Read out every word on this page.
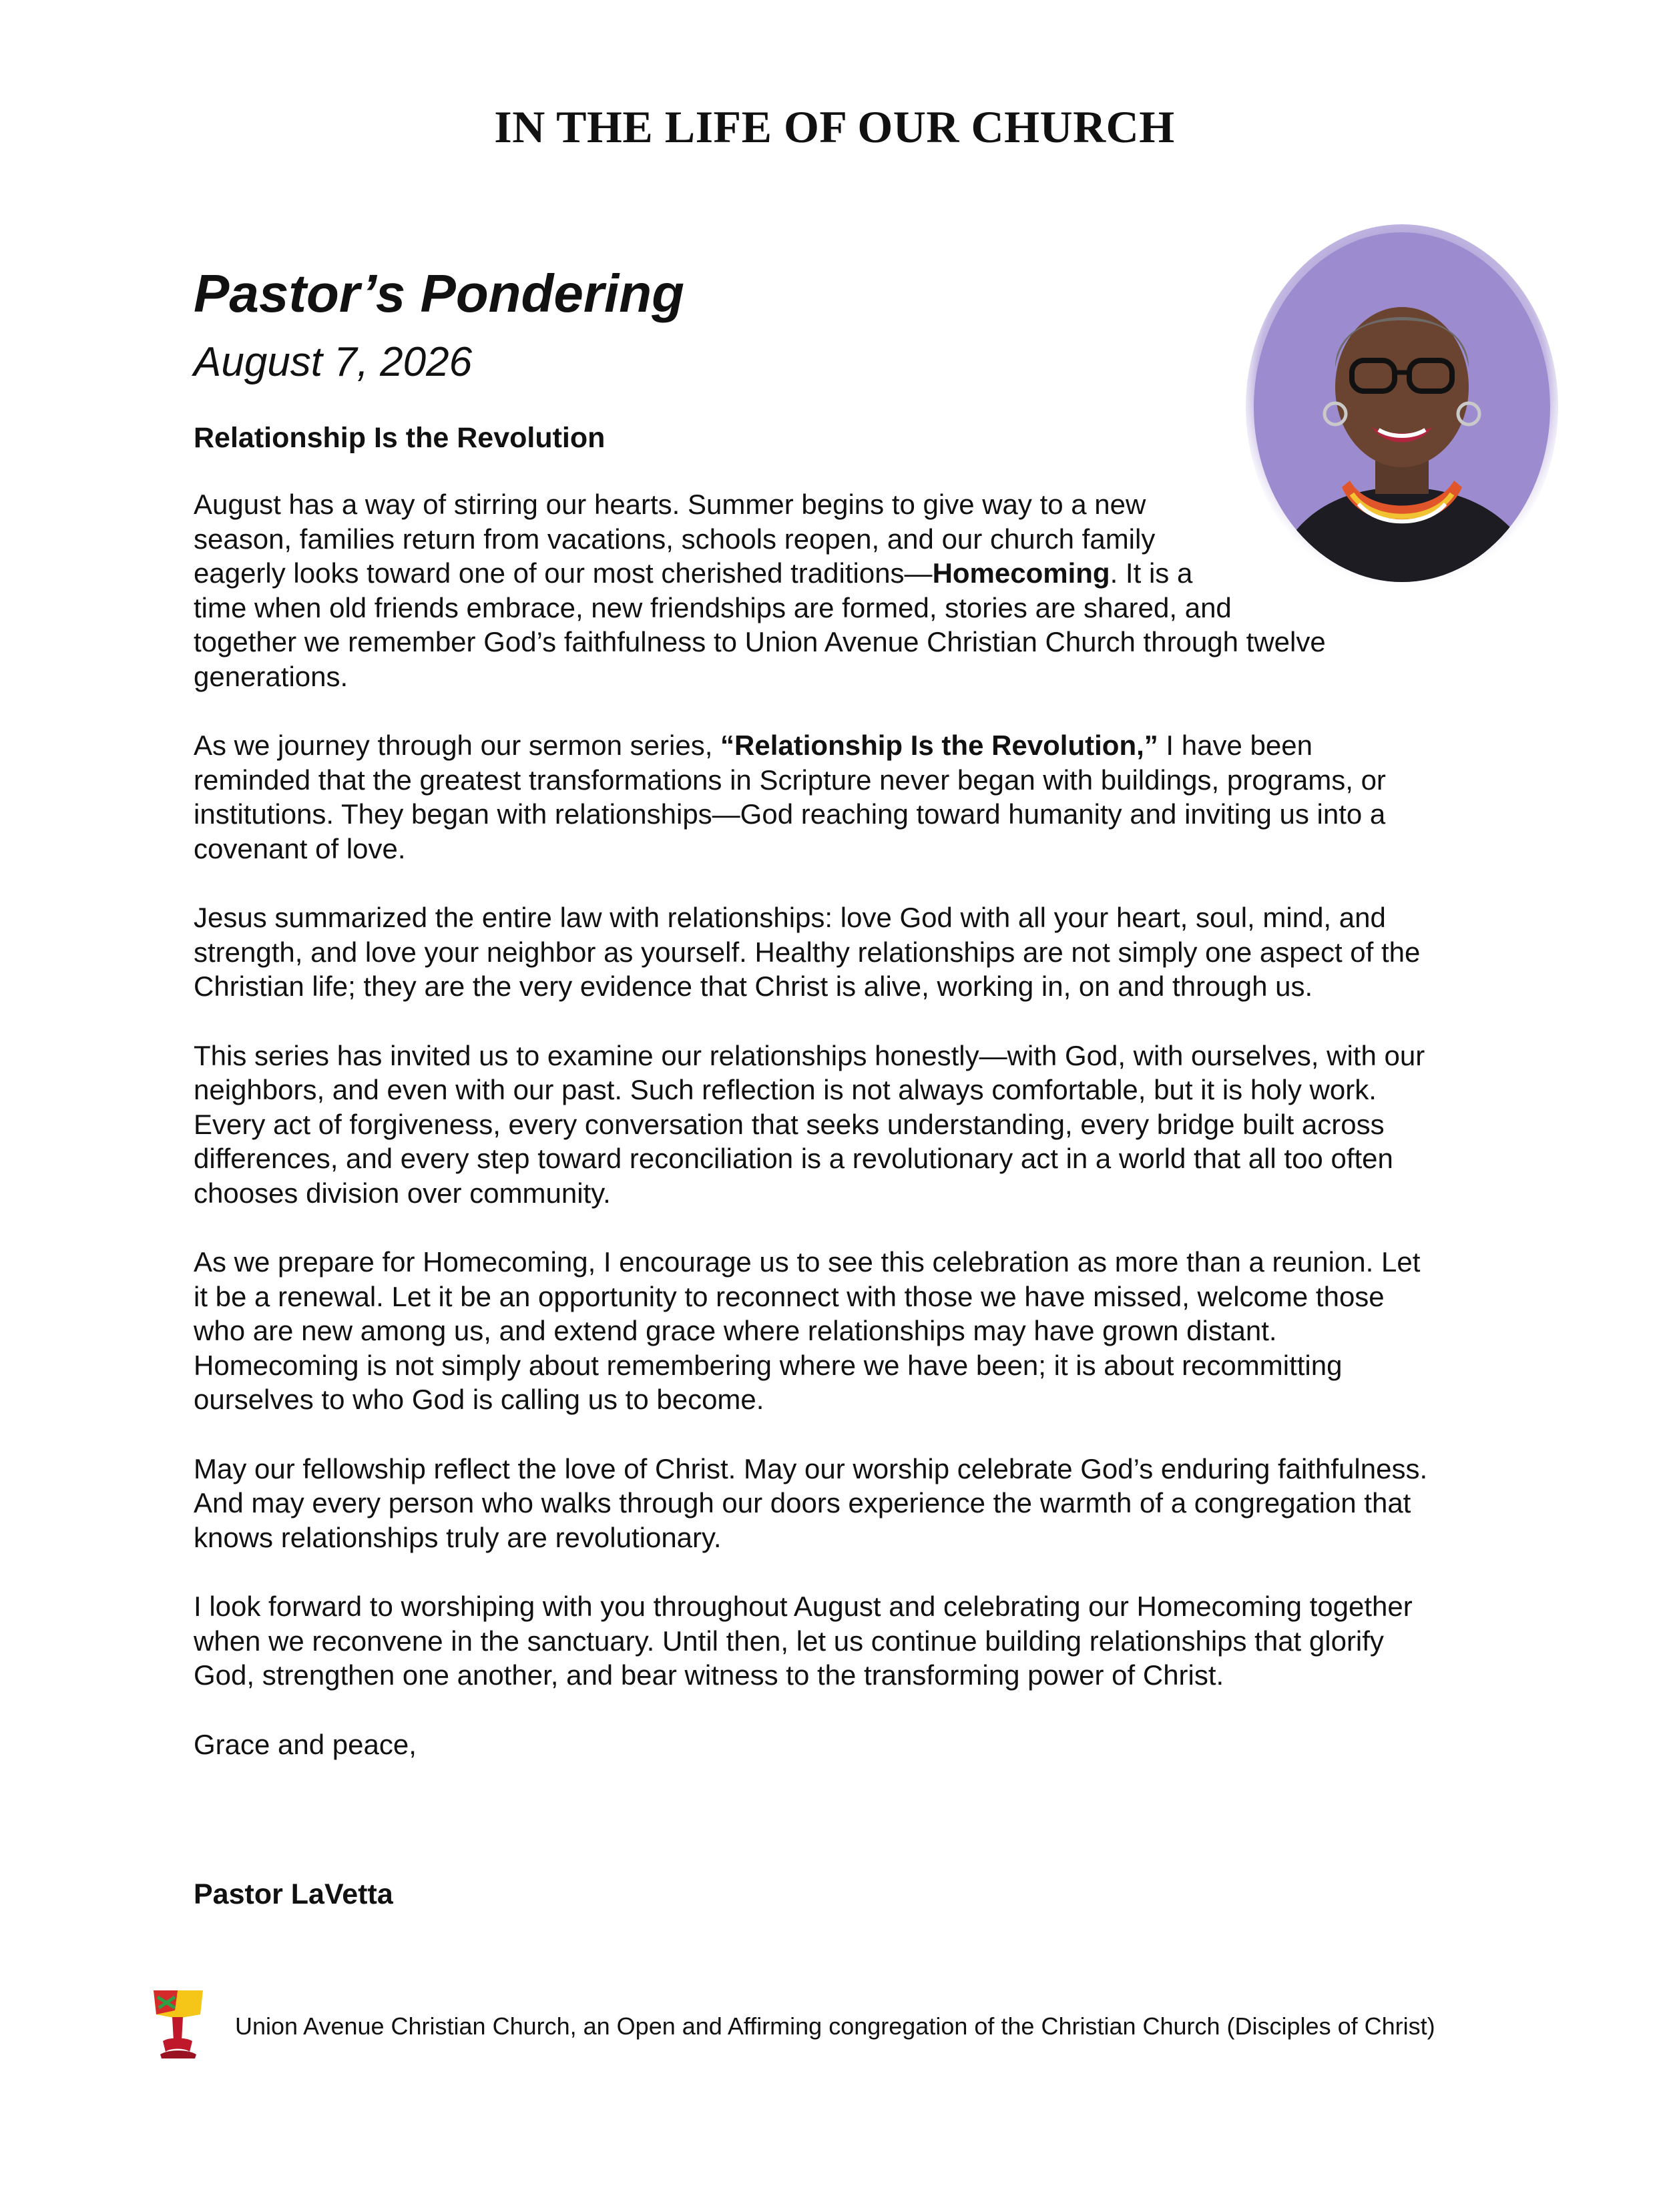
IN THE LIFE OF OUR CHURCH
Pastor’s Pondering
August 7, 2026
Relationship Is the Revolution

August has a way of stirring our hearts. Summer begins to give way to a new
season, families return from vacations, schools reopen, and our church family
eagerly looks toward one of our most cherished traditions—Homecoming. It is a
time when old friends embrace, new friendships are formed, stories are shared, and
together we remember God’s faithfulness to Union Avenue Christian Church through twelve
generations.

As we journey through our sermon series, “Relationship Is the Revolution,” I have been
reminded that the greatest transformations in Scripture never began with buildings, programs, or
institutions. They began with relationships—God reaching toward humanity and inviting us into a
covenant of love.

Jesus summarized the entire law with relationships: love God with all your heart, soul, mind, and
strength, and love your neighbor as yourself. Healthy relationships are not simply one aspect of the
Christian life; they are the very evidence that Christ is alive, working in, on and through us.

This series has invited us to examine our relationships honestly—with God, with ourselves, with our
neighbors, and even with our past. Such reflection is not always comfortable, but it is holy work.
Every act of forgiveness, every conversation that seeks understanding, every bridge built across
differences, and every step toward reconciliation is a revolutionary act in a world that all too often
chooses division over community.

As we prepare for Homecoming, I encourage us to see this celebration as more than a reunion. Let
it be a renewal. Let it be an opportunity to reconnect with those we have missed, welcome those
who are new among us, and extend grace where relationships may have grown distant.
Homecoming is not simply about remembering where we have been; it is about recommitting
ourselves to who God is calling us to become.

May our fellowship reflect the love of Christ. May our worship celebrate God’s enduring faithfulness.
And may every person who walks through our doors experience the warmth of a congregation that
knows relationships truly are revolutionary.

I look forward to worshiping with you throughout August and celebrating our Homecoming together
when we reconvene in the sanctuary. Until then, let us continue building relationships that glorify
God, strengthen one another, and bear witness to the transforming power of Christ.

Grace and peace,

Pastor LaVetta
Union Avenue Christian Church, an Open and Affirming congregation of the Christian Church (Disciples of Christ)
